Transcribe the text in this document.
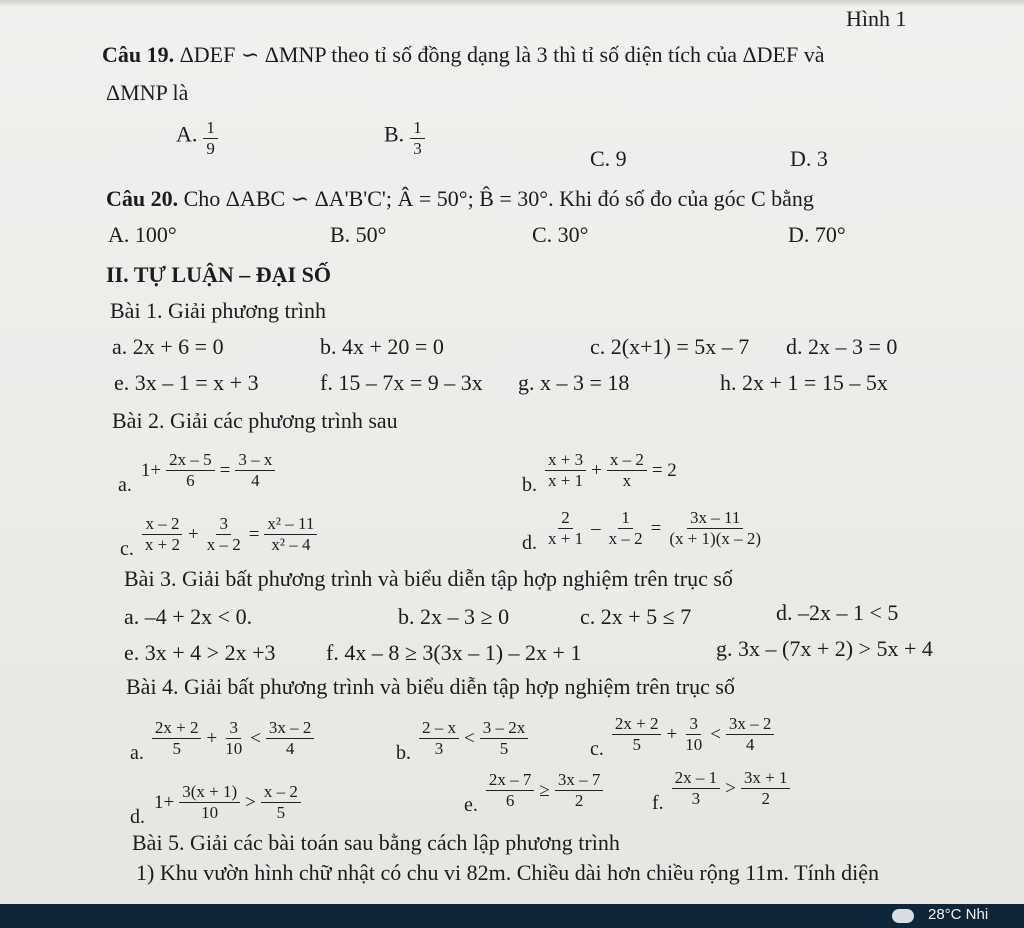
Hình 1
Câu 19. ΔDEF ∽ ΔMNP theo tỉ số đồng dạng là 3 thì tỉ số diện tích của ΔDEF và
ΔMNP là
A. $\frac{1}{9}$	B. $\frac{1}{3}$
C. 9	D. 3
Câu 20. Cho ΔABC ∽ ΔA'B'C'; Â = 50°; B̂ = 30°. Khi đó số đo của góc C bằng
A. 100°	B. 50°	C. 30°	D. 70°
II. TỰ LUẬN – ĐẠI SỐ
Bài 1. Giải phương trình
a. 2x + 6 = 0	b. 4x + 20 = 0	c. 2(x+1) = 5x – 7 d. 2x – 3 = 0
e. 3x – 1 = x + 3	f. 15 – 7x = 9 – 3x g. x – 3 = 18	h. 2x + 1 = 15 – 5x
Bài 2. Giải các phương trình sau
a.
$1+ \frac{2x - 5}{6} = \frac{3 - x}{4}$	b. $\frac{x + 3}{x + 1} + \frac{x - 2}{x} = 2$
c. $\frac{x - 2}{x + 2} + \frac{3}{x - 2} = \frac{\text{x² – 11}}{\text{x² – 4}}$	d. $\frac{2}{x + 1} - \frac{1}{x - 2} = \frac{3x - 11}{(x + 1)(x - 2)}$
Bài 3. Giải bất phương trình và biểu diễn tập hợp nghiệm trên trục số
a. –4 + 2x < 0.	b. 2x – 3 ≥ 0	c. 2x + 5 ≤ 7	d. –2x – 1 < 5
e. 3x + 4 > 2x +3 f. 4x – 8 ≥ 3(3x – 1) – 2x + 1	g. 3x – (7x + 2) > 5x + 4
Bài 4. Giải bất phương trình và biểu diễn tập hợp nghiệm trên trục số
a. $\frac{2x + 2}{5} + \frac{3}{10} < \frac{3x - 2}{4}$	b. $\frac{2 - x}{3} < \frac{3 - 2x}{5}$	c. $\frac{2x + 2}{5} + \frac{3}{10} < \frac{3x - 2}{4}$
d.
$1+ \frac{3(x + 1)}{10} > \frac{x - 2}{5}$	e. $\frac{2x - 7}{6} \ge \frac{3x - 7}{2} f$. $\frac{2x - 1}{3} > \frac{3x + 1}{2}$
Bài 5. Giải các bài toán sau bằng cách lập phương trình
1) Khu vườn hình chữ nhật có chu vi 82m. Chiều dài hơn chiều rộng 11m. Tính diện
28°C Nhi
